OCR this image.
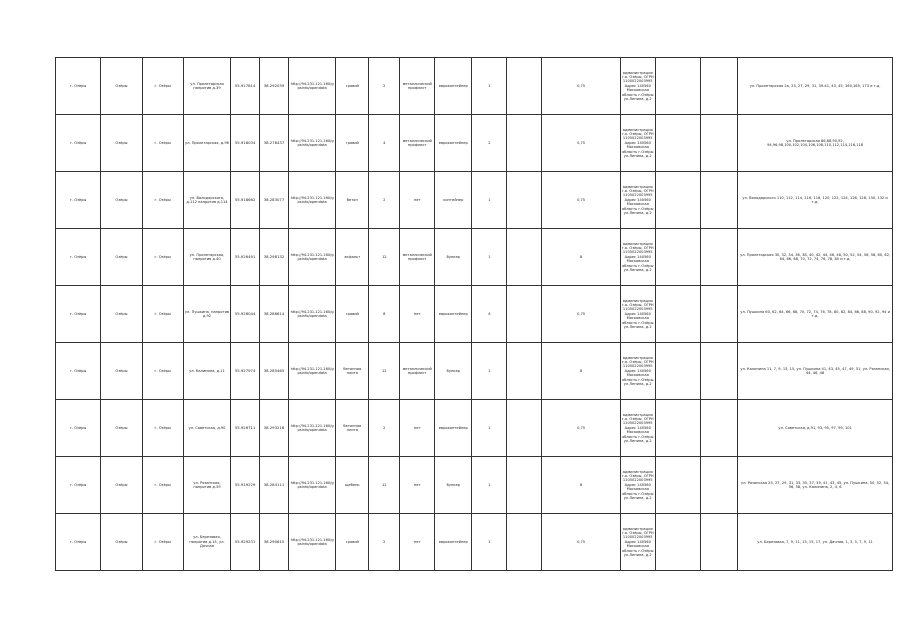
г. Озёры	Озёры	г. Озёры	ул. Пролетарская напротив д.39	55.917814	38.292039	http://94.231.121.160/gpsinfo/opendata	гравий	2	металлический профлист	евроконтейнер	1		0,75	администрация г.о. Озёры, ОГРН 1105022003995 Адрес 140560 Московская область г.Озёры ул.Ленина, д.2			ул. Пролетарская 2а, 23, 27, 29, 31, 39-41, 43, 45, 160,165, 173 и т.д.
г. Озёры	Озёры	г. Озёры	ул. Пролетарская, д.96	55.918034	38.278437	http://94.231.121.160/gpsinfo/opendata	гравий	4	металлический профлист	евроконтейнер	2		0,75	администрация г.о. Озёры, ОГРН 1105022003995 Адрес 140560 Московская область г.Озёры ул.Ленина, д.2			ул. Пролетарская 86,88,90,92, 94,96,98,100,102,104,106,108,110,112,114,116,118
г. Озёры	Озёры	г. Озёры	ул. Володарского, д.112 напротив д.114	55.918662	38.283077	http://94.231.121.160/gpsinfo/opendata	бетон	2	нет	контейнер	1		0,75	администрация г.о. Озёры, ОГРН 1105022003995 Адрес 140560 Московская область г.Озёры ул.Ленина, д.2			ул. Володарского 110, 112, 114, 116, 118, 120, 122, 124, 126, 128, 130, 132 и т.д.
г. Озёры	Озёры	г. Озёры	ул. Пролетарская, напротив д.40	55.926491	38.298132	http://94.231.121.160/gpsinfo/opendata	асфальт	12	металлический профлист	бункер	1		8	администрация г.о. Озёры, ОГРН 1105022003995 Адрес 140560 Московская область г.Озёры ул.Ленина, д.2			ул. Пролетарская 30, 32, 34, 36, 38, 40, 42, 44, 46, 48, 50, 52, 54, 56, 58, 60, 62, 64, 66, 68, 70, 72, 74, 76, 78, 80 и т.д.
г. Озёры	Озёры	г. Озёры	ул. Пушкина, напротив д.92	55.928044	38.286614	http://94.231.121.160/gpsinfo/opendata	гравий	8	нет	евроконтейнер	4		0,75	администрация г.о. Озёры, ОГРН 1105022003995 Адрес 140560 Московская область г.Озёры ул.Ленина, д.2			ул. Пушкина 60, 62, 64, 66, 68, 70, 72, 74, 76, 78, 80, 82, 84, 86, 88, 90, 92, 94 и т.д.
г. Озёры	Озёры	г. Озёры	ул. Калинина, д.11	55.927974	38.285465	http://94.231.121.160/gpsinfo/opendata	бетонная плита	12	металлический профлист	бункер	1		8	администрация г.о. Озёры, ОГРН 1105022003995 Адрес 140560 Московская область г.Озёры ул.Ленина, д.2			ул. Калинина 11, 7, 9, 13, 15, ул. Пушкина 41, 43, 45, 47, 49, 51, ул. Рязанская, 44, 46, 48
г. Озёры	Озёры	г. Озёры	ул. Советская, д.90	55.926711	38.293216	http://94.231.121.160/gpsinfo/opendata	бетонная плита	2	нет	евроконтейнер	1		0,75	администрация г.о. Озёры, ОГРН 1105022003995 Адрес 140560 Московская область г.Озёры ул.Ленина, д.2			ул. Советская, д.91, 93, 95, 97, 99, 101
г. Озёры	Озёры	г. Озёры	ул. Рязанская, напротив д.39	55.919229	38.284111	http://94.231.121.160/gpsinfo/opendata	щебень	12	нет	бункер	1		8	администрация г.о. Озёры, ОГРН 1105022003995 Адрес 140560 Московская область г.Озёры ул.Ленина, д.2			ул. Рязанская 25, 27, 29, 31, 33, 35, 37, 39, 41, 43, 45, ул. Пушкина, 50, 52, 54, 56, 58, ул. Калинина, 2, 4, 6
г. Озёры	Озёры	г. Озёры	ул. Березовая, напротив д.15, ул. Дачная	55.929231	38.290615	http://94.231.121.160/gpsinfo/opendata	гравий	2	нет	евроконтейнер	1		0,75	администрация г.о. Озёры, ОГРН 1105022003995 Адрес 140560 Московская область г.Озёры ул.Ленина, д.2			ул. Березовая, 7, 9, 11, 13, 15, 17, ул. Дачная, 1, 3, 5, 7, 9, 11
